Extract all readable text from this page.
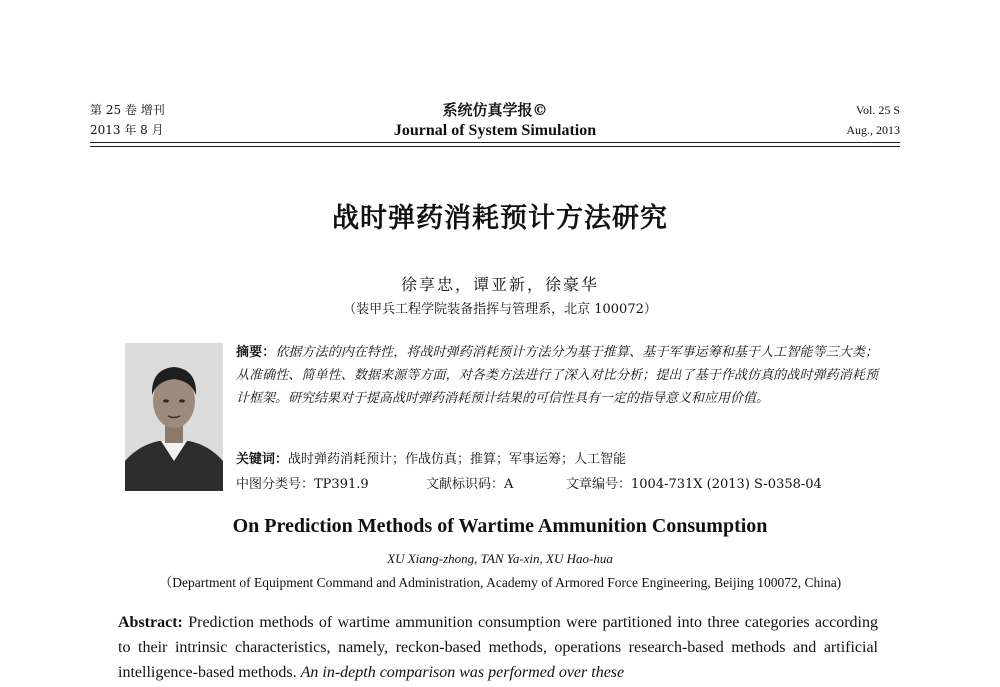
第 25 卷 增刊
2013 年 8 月
系统仿真学报©
Journal of System Simulation
Vol. 25 S
Aug., 2013
战时弹药消耗预计方法研究
徐享忠，谭亚新，徐豪华
（装甲兵工程学院装备指挥与管理系，北京 100072）
摘要：依据方法的内在特性，将战时弹药消耗预计方法分为基于推算、基于军事运筹和基于人工智能等三大类；从准确性、简单性、数据来源等方面，对各类方法进行了深入对比分析；提出了基于作战仿真的战时弹药消耗预计框架。研究结果对于提高战时弹药消耗预计结果的可信性具有一定的指导意义和应用价值。
关键词：战时弹药消耗预计；作战仿真；推算；军事运筹；人工智能
中图分类号：TP391.9	文献标识码：A	文章编号：1004-731X (2013) S-0358-04
On Prediction Methods of Wartime Ammunition Consumption
XU Xiang-zhong, TAN Ya-xin, XU Hao-hua
（Department of Equipment Command and Administration, Academy of Armored Force Engineering, Beijing 100072, China)
Abstract: Prediction methods of wartime ammunition consumption were partitioned into three categories according to their intrinsic characteristics, namely, reckon-based methods, operations research-based methods and artificial intelligence-based methods. An in-depth comparison was performed over these
